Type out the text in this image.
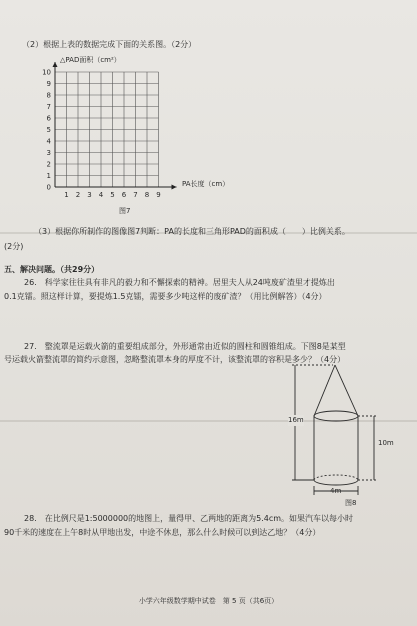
（2）根据上表的数据完成下面的关系图。（2分）
10
9
8
7
6
5
4
3
2
1
0
1 2 3 4 5 6 7 8 9
△PAD面积（cm²）
PA长度（cm）
图7
（3）根据你所制作的图像图7判断：PA的长度和三角形PAD的面积成（　　）比例关系。
(2分)
五、解决问题。（共29分）
26.　科学家往往具有非凡的毅力和不懈探索的精神。居里夫人从24吨废矿渣里才提炼出
0.1克镭。照这样计算，要提炼1.5克镭，需要多少吨这样的废矿渣？（用比例解答）（4分）
27.　整流罩是运载火箭的重要组成部分，外形通常由近似的圆柱和圆锥组成。下图8是某型
号运载火箭整流罩的简约示意图，忽略整流罩本身的厚度不计，该整流罩的容积是多少？（4分）
16m
10m
4m
图8
28.　在比例尺是1:5000000的地图上，量得甲、乙两地的距离为5.4cm。如果汽车以每小时
90千米的速度在上午8时从甲地出发，中途不休息，那么什么时候可以到达乙地？（4分）
小学六年级数学期中试卷　第 5 页（共6页）
